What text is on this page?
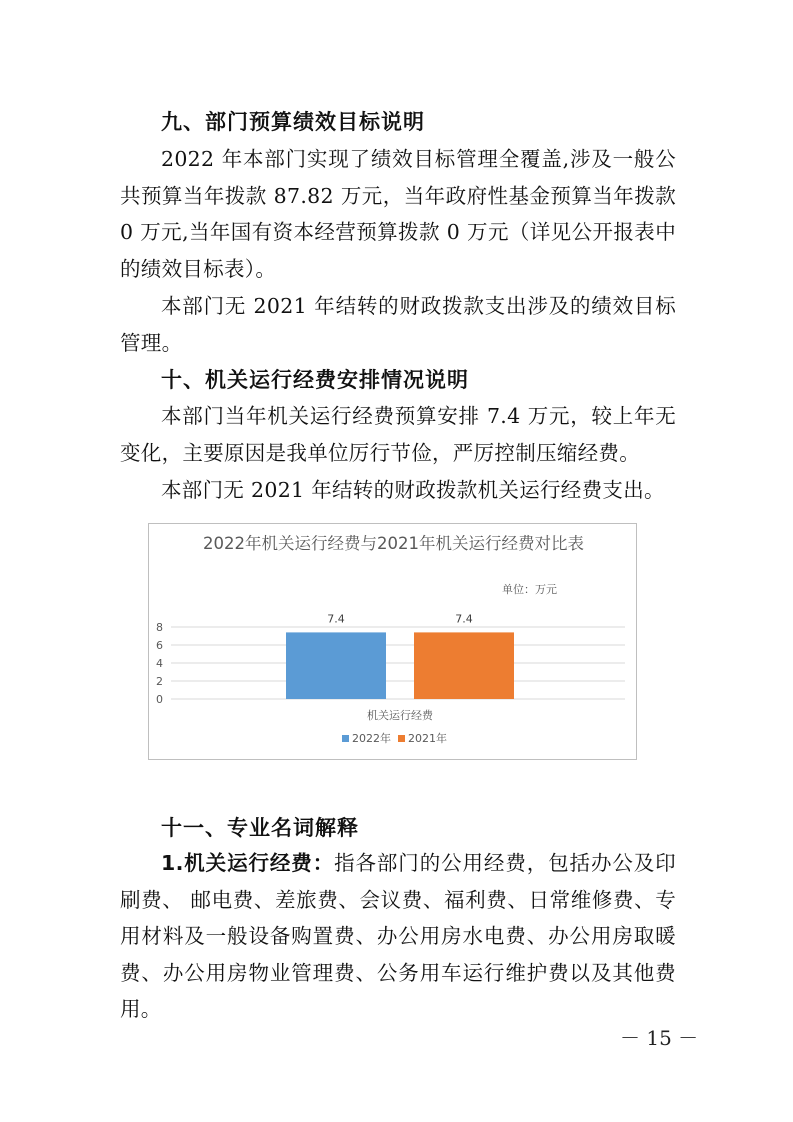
九、部门预算绩效目标说明

2022 年本部门实现了绩效目标管理全覆盖,涉及一般公共预算当年拨款 87.82 万元，当年政府性基金预算当年拨款 0 万元,当年国有资本经营预算拨款 0 万元（详见公开报表中的绩效目标表）。

本部门无 2021 年结转的财政拨款支出涉及的绩效目标管理。

十、机关运行经费安排情况说明

本部门当年机关运行经费预算安排 7.4 万元，较上年无变化，主要原因是我单位厉行节俭，严厉控制压缩经费。

本部门无 2021 年结转的财政拨款机关运行经费支出。

2022年机关运行经费与2021年机关运行经费对比表
单位：万元
0
2
4
6
8
7.4	7.4
机关运行经费
2022年 2021年
十一、专业名词解释

1.机关运行经费：指各部门的公用经费，包括办公及印刷费、 邮电费、差旅费、会议费、福利费、日常维修费、专用材料及一般设备购置费、办公用房水电费、办公用房取暖费、办公用房物业管理费、公务用车运行维护费以及其他费用。

－ 15 －
